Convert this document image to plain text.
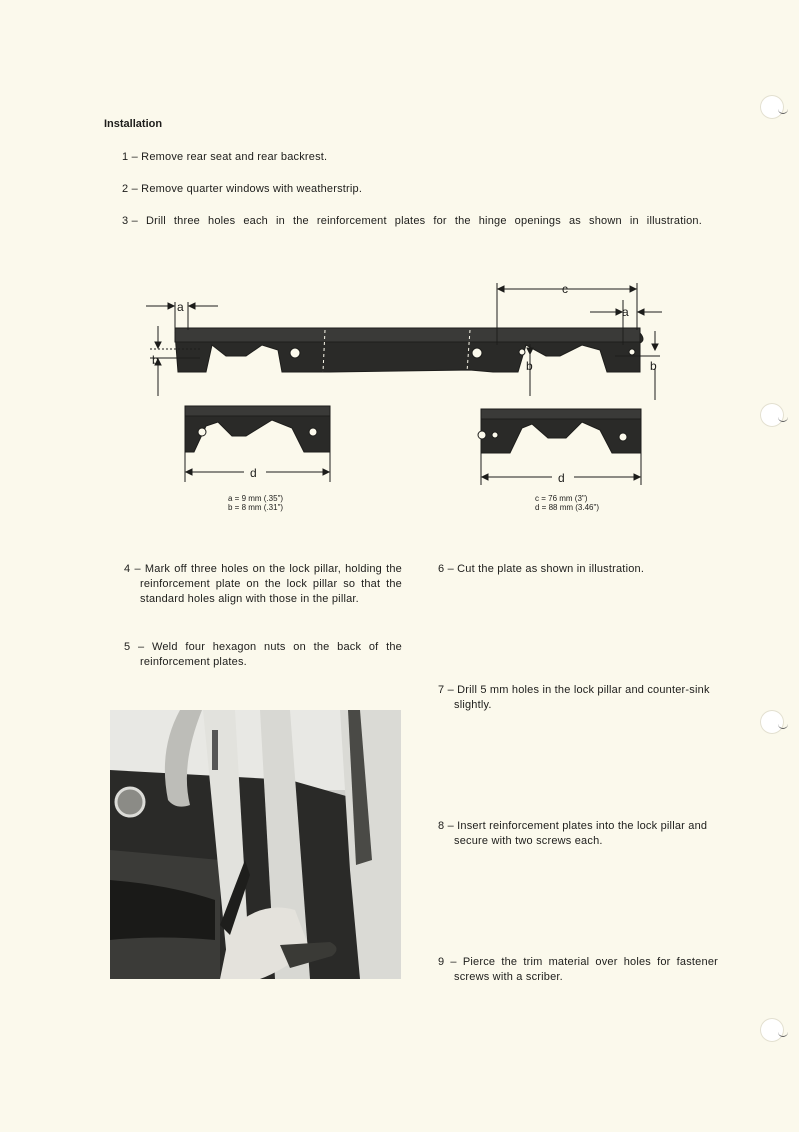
Installation
1 – Remove rear seat and rear backrest.
2 – Remove quarter windows with weatherstrip.
3 – Drill three holes each in the reinforcement plates for the hinge openings as shown in illustration.
a
b
c
a
b	b
d	d
a = 9 mm (.35")
b = 8 mm (.31")
c = 76 mm (3")
d = 88 mm (3.46")
4 – Mark off three holes on the lock pillar, holding the reinforcement plate on the lock pillar so that the standard holes align with those in the pillar.
5 – Weld four hexagon nuts on the back of the reinforcement plates.
6 – Cut the plate as shown in illustration.
7 – Drill 5 mm holes in the lock pillar and counter-sink slightly.
8 – Insert reinforcement plates into the lock pillar and secure with two screws each.
9 – Pierce the trim material over holes for fastener screws with a scriber.
